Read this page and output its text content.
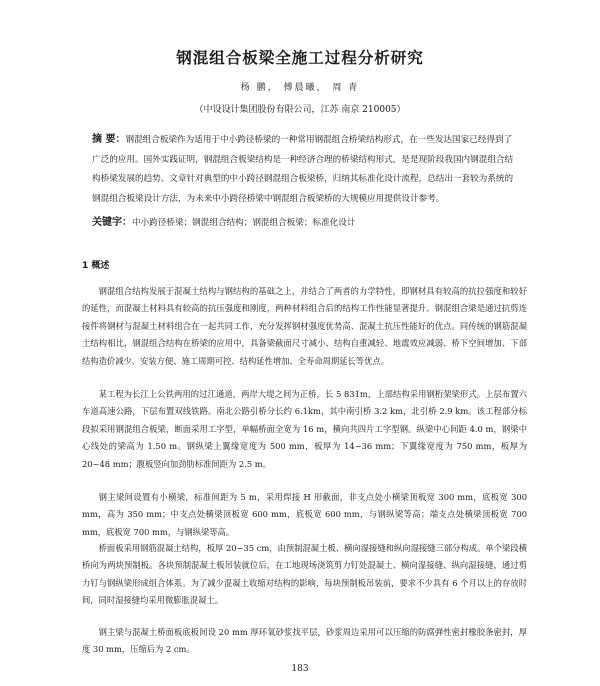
钢混组合板梁全施工过程分析研究
杨 鹏， 傅晨曦， 周 青
（中设设计集团股份有限公司，江苏 南京 210005）
摘 要：钢混组合板梁作为适用于中小跨径桥梁的一种常用钢混组合桥梁结构形式，在一些发达国家已经得到了广泛的应用。国外实践证明，钢混组合板梁结构是一种经济合理的桥梁结构形式，是是现阶段我国内钢混组合结构桥梁发展的趋势。文章针对典型的中小跨径钢混组合板梁桥，归纳其标准化设计流程，总结出一套较为系统的钢混组合板梁设计方法，为未来中小跨径桥梁中钢混组合板梁桥的大规模应用提供设计参考。
关键字：中小跨径桥梁；钢混组合结构；钢混组合板梁；标准化设计
1 概述

钢混组合结构发展于混凝土结构与钢结构的基础之上，并结合了两者的力学特性，即钢材具有较高的抗拉强度和较好的延性，而混凝土材料具有较高的抗压强度和刚度，两种材料组合后的结构工作性能显著提升。钢混组合梁是通过抗剪连接件将钢材与混凝土材料组合在一起共同工作，充分发挥钢材强度优势高、混凝土抗压性能好的优点。同传统的钢筋混凝土结构相比，钢混组合结构在桥梁的应用中，具备梁截面尺寸减小、结构自重减轻、地震效应减弱、桥下空间增加、下部结构造价减少、安装方便、施工周期可控、结构延性增加、全寿命周期延长等优点。

某工程为长江上公铁两用的过江通道，两岸大堤之间为正桥，长 5 831m，上部结构采用钢桁架梁形式。上层布置六车道高速公路，下层布置双线铁路。南北公路引桥分长约 6.1km，其中南引桥 3.2 km，北引桥 2.9 km。该工程部分标段拟采用钢混组合板梁，断面采用工字型，单幅桥面全宽为 16 m，横向共四片工字型钢。纵梁中心间距 4.0 m，钢梁中心线处的梁高为 1.50 m。钢纵梁上翼缘宽度为 500 mm，板厚为 14~36 mm；下翼缘宽度为 750 mm，板厚为 20~48 mm；腹板竖向加劲肋标准间距为 2.5 m。

钢主梁间设置有小横梁，标准间距为 5 m，采用焊接 H 形截面，非支点处小横梁顶板宽 300 mm，底板宽 300 mm，高为 350 mm；中支点处横梁顶板宽 600 mm，底板宽 600 mm，与钢纵梁等高；端支点处横梁顶板宽 700 mm，底板宽 700 mm，与钢纵梁等高。

桥面板采用钢筋混凝土结构，板厚 20~35 cm，由预制混凝土板、横向湿接缝和纵向湿接缝三部分构成。单个梁段横桥向为两块预制板。各块预制混凝土板吊装就位后，在工地现场浇筑剪力钉处混凝土、横向湿接缝、纵向湿接缝，通过剪力钉与钢纵梁形成组合体系。为了减少混凝土收缩对结构的影响，每块预制板吊装前，要求不少具有 6 个月以上的存放时间，同时湿接缝均采用微膨胀混凝土。

钢主梁与混凝土桥面板底板间设 20 mm 厚环氧砂浆找平层，砂浆周边采用可以压缩的防腐弹性密封橡胶条密封，厚度 30 mm，压缩后为 2 cm。

183
